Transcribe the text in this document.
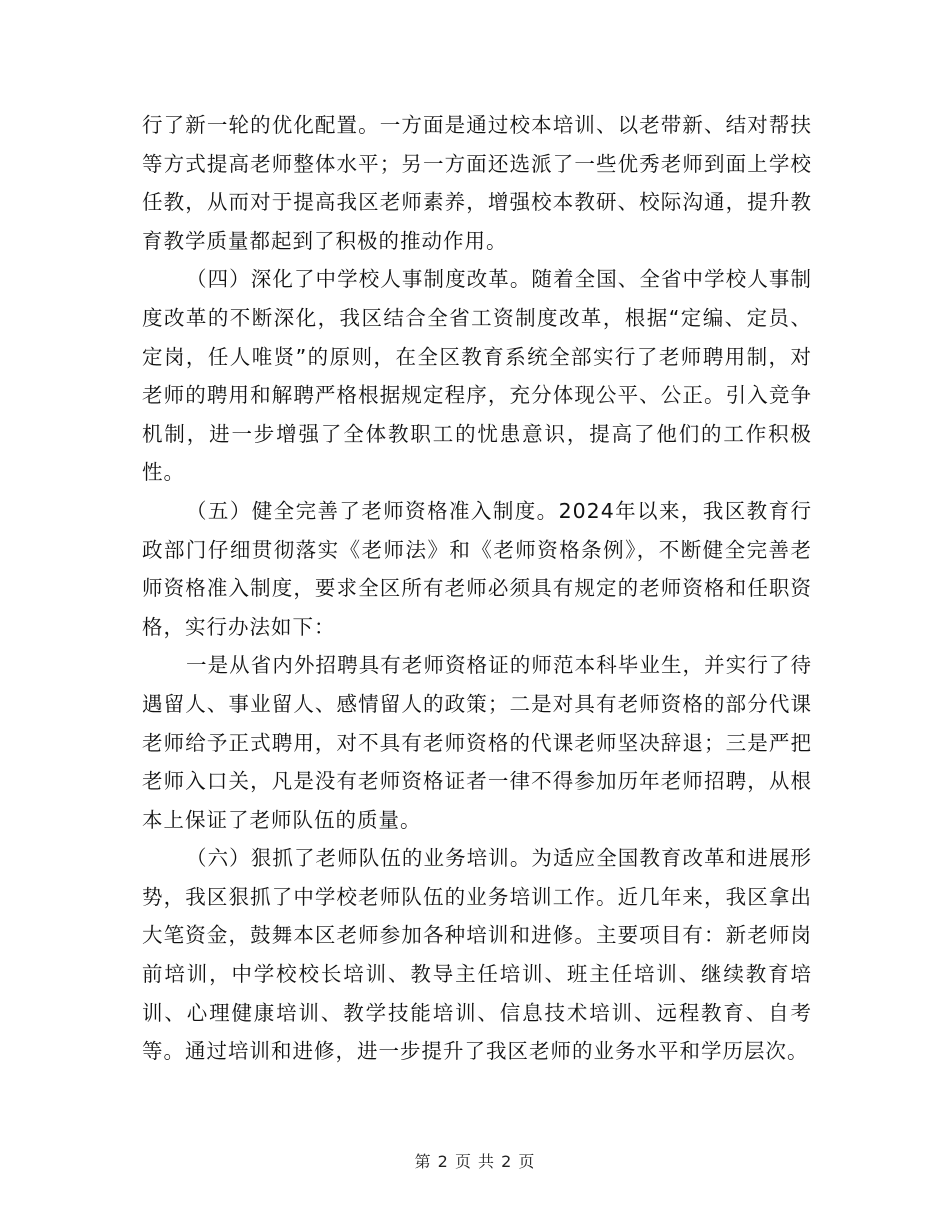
行了新一轮的优化配置。一方面是通过校本培训、以老带新、结对帮扶等方式提高老师整体水平；另一方面还选派了一些优秀老师到面上学校任教，从而对于提高我区老师素养，增强校本教研、校际沟通，提升教育教学质量都起到了积极的推动作用。

（四）深化了中学校人事制度改革。随着全国、全省中学校人事制度改革的不断深化，我区结合全省工资制度改革，根据“定编、定员、定岗，任人唯贤”的原则，在全区教育系统全部实行了老师聘用制，对老师的聘用和解聘严格根据规定程序，充分体现公平、公正。引入竞争机制，进一步增强了全体教职工的忧患意识，提高了他们的工作积极性。

（五）健全完善了老师资格准入制度。2024年以来，我区教育行政部门仔细贯彻落实《老师法》和《老师资格条例》，不断健全完善老师资格准入制度，要求全区所有老师必须具有规定的老师资格和任职资格，实行办法如下：

一是从省内外招聘具有老师资格证的师范本科毕业生，并实行了待遇留人、事业留人、感情留人的政策；二是对具有老师资格的部分代课老师给予正式聘用，对不具有老师资格的代课老师坚决辞退；三是严把老师入口关，凡是没有老师资格证者一律不得参加历年老师招聘，从根本上保证了老师队伍的质量。

（六）狠抓了老师队伍的业务培训。为适应全国教育改革和进展形势，我区狠抓了中学校老师队伍的业务培训工作。近几年来，我区拿出大笔资金，鼓舞本区老师参加各种培训和进修。主要项目有：新老师岗前培训，中学校校长培训、教导主任培训、班主任培训、继续教育培训、心理健康培训、教学技能培训、信息技术培训、远程教育、自考等。通过培训和进修，进一步提升了我区老师的业务水平和学历层次。

第 2 页 共 2 页
